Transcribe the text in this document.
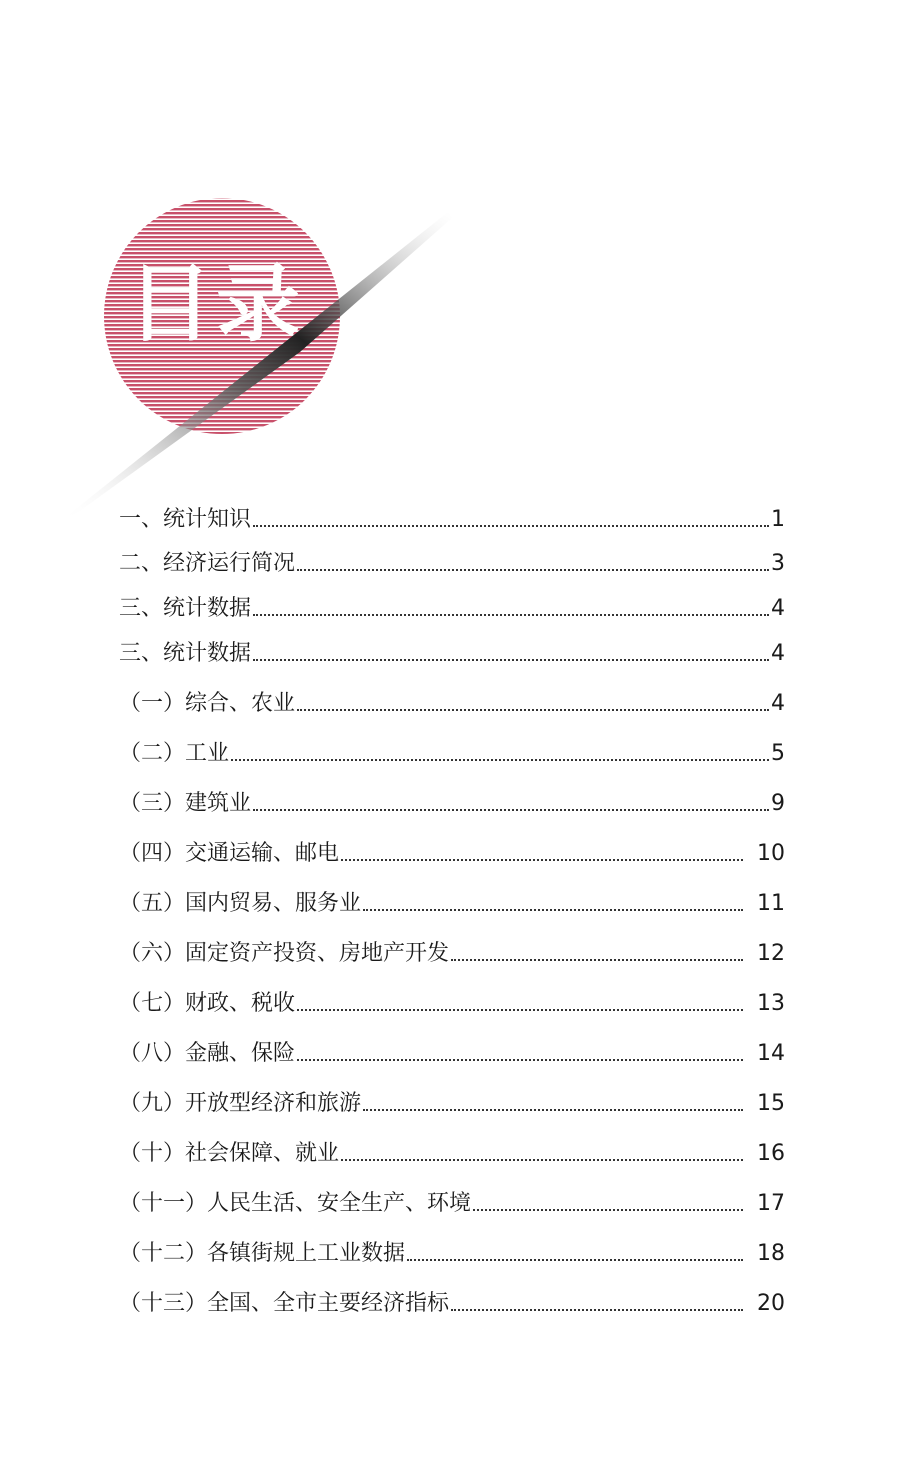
目录
一、统计知识	1
二、经济运行简况	3
三、统计数据	4
三、统计数据	4
（一）综合、农业	4
（二）工业	5
（三）建筑业	9
（四）交通运输、邮电	10
（五）国内贸易、服务业	11
（六）固定资产投资、房地产开发	12
（七）财政、税收	13
（八）金融、保险	14
（九）开放型经济和旅游	15
（十）社会保障、就业	16
（十一）人民生活、安全生产、环境	17
（十二）各镇街规上工业数据	18
（十三）全国、全市主要经济指标	20
